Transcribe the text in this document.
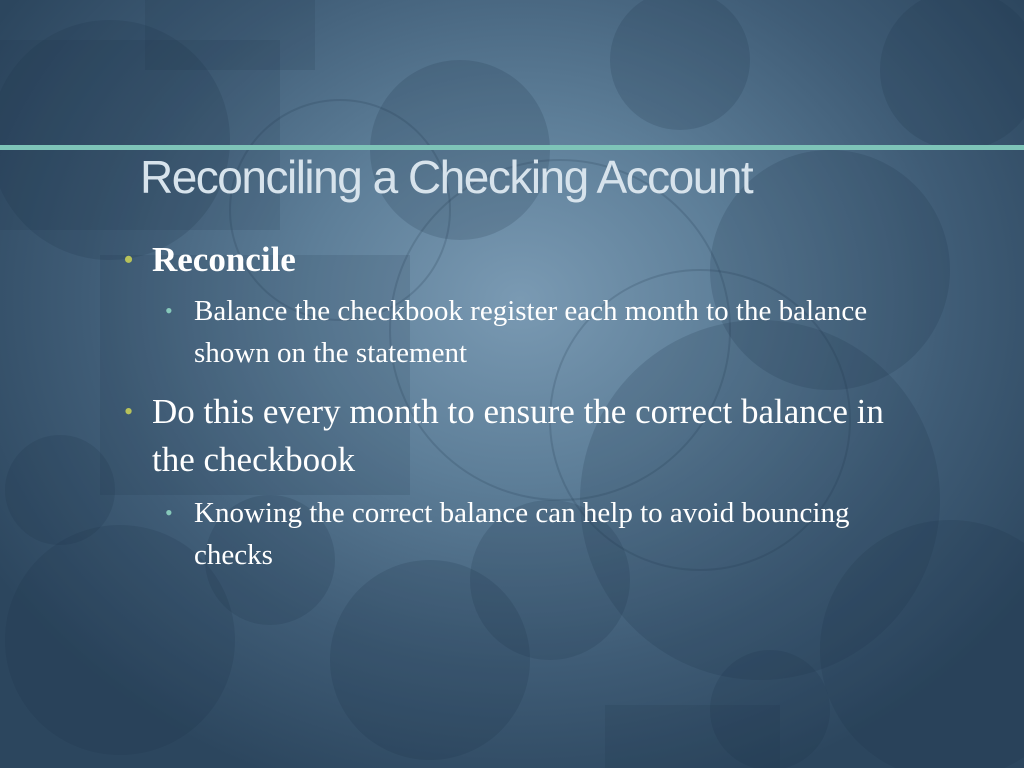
Reconciling a Checking Account
• Reconcile
• Balance the checkbook register each month to the balance shown on the statement
• Do this every month to ensure the correct balance in the checkbook
• Knowing the correct balance can help to avoid bouncing checks
